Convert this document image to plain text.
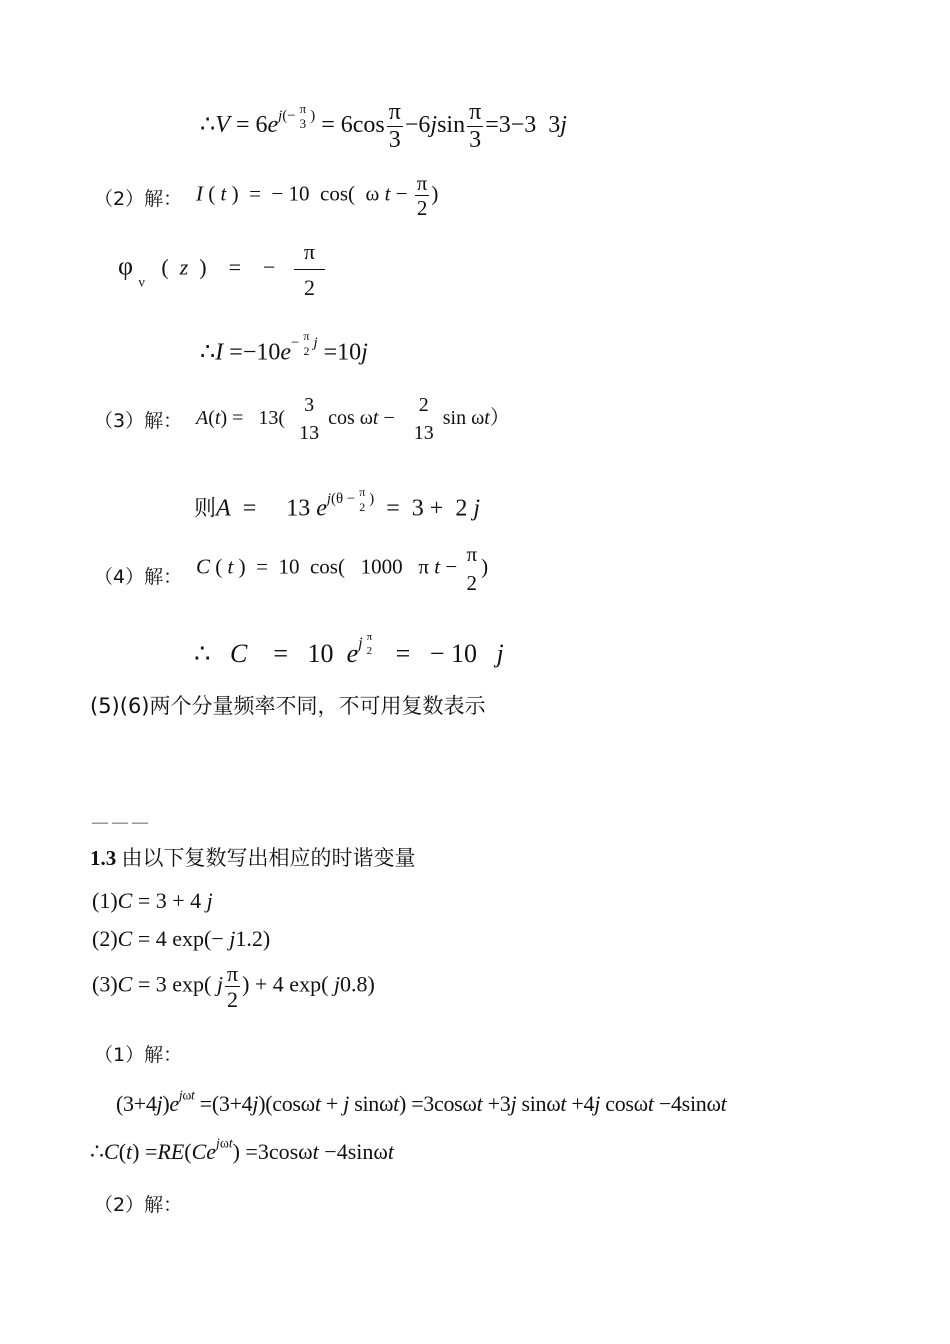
∴V = $6e^{j(- \pi 3 )} = 6\cos \frac{\pi}{3} -6jsin \frac{\pi}{3} =3-3$  3j
（2）解： I ( t )  =  − 10  cos(  ω $t - \frac{\pi}{2}$ )
φ $_\nu$   (  z  )    =    − $\frac{\pi}{2}$
∴I $=-10e^{- \pi 2 j} =10j$
（3）解： A(t) =   13(
3
13
cos ωt −
2
13
sin ωt）
则A  =     13 $e^{j(\theta - \pi 2 )} = 3 + 2$ j
（4）解： C ( t )  =  10  cos(   1000   π t −
π
2
)
∴   C    =   10  $e^{j \pi 2}$ =   − 10   j
(5)(6)两个分量频率不同，不可用复数表示
———
1.3 由以下复数写出相应的时谐变量
(1)C = 3 + 4 j
(2)C = 4 exp(− j1.2)
(3)C = 3 exp( j $\frac{\pi}{2}$ ) + 4 exp( j0.8)
（1）解：
$(3+4j)e^{j\omega t} =(3+4j)(\cos\omega t + j$ sinωt) =3cosωt +3j sinωt +4j cosωt −4sinωt
∴C(t) $=RE(Ce^{j\omega t}) =3\cos\omega t -4\sin\omega t$
（2）解：
